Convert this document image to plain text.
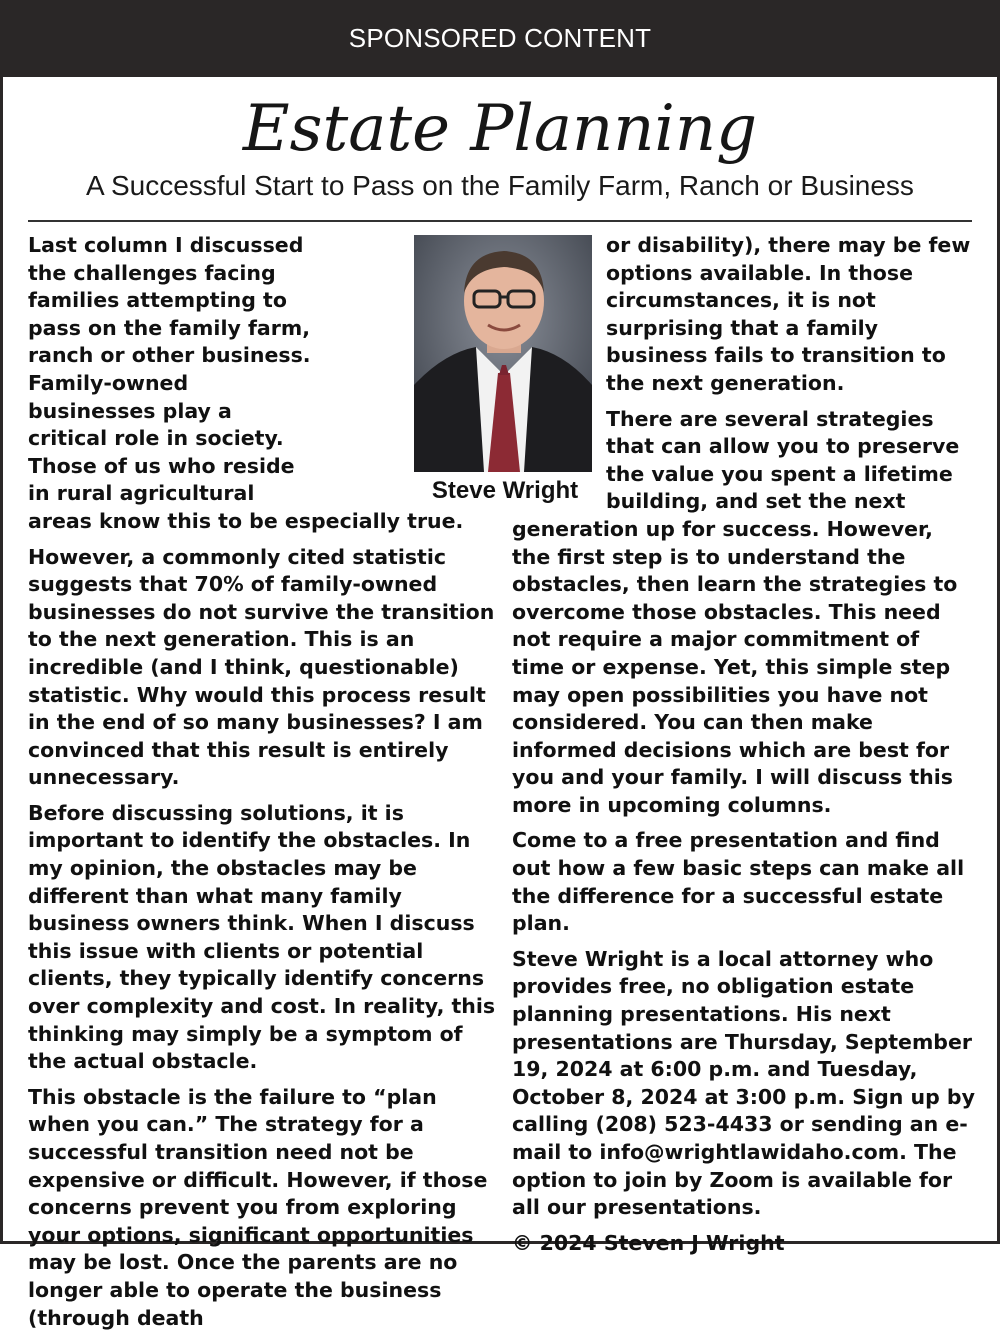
SPONSORED CONTENT
Estate Planning
A Successful Start to Pass on the Family Farm, Ranch or Business

Last column I discussed the challenges facing families attempting to pass on the family farm, ranch or other business. Family-owned businesses play a critical role in society. Those of us who reside in rural agricultural areas know this to be especially true.

However, a commonly cited statistic suggests that 70% of family-owned businesses do not survive the transition to the next generation. This is an incredible (and I think, questionable) statistic. Why would this process result in the end of so many businesses? I am convinced that this result is entirely unnecessary.

Before discussing solutions, it is important to identify the obstacles. In my opinion, the obstacles may be different than what many family business owners think. When I discuss this issue with clients or potential clients, they typically identify concerns over complexity and cost. In reality, this thinking may simply be a symptom of the actual obstacle.

This obstacle is the failure to “plan when you can.” The strategy for a successful transition need not be expensive or difficult. However, if those concerns prevent you from exploring your options, significant opportunities may be lost. Once the parents are no longer able to operate the business (through death

or disability), there may be few options available. In those circumstances, it is not surprising that a family business fails to transition to the next generation.

There are several strategies that can allow you to preserve the value you spent a lifetime building, and set the next generation up for success. However, the first step is to understand the obstacles, then learn the strategies to overcome those obstacles. This need not require a major commitment of time or expense. Yet, this simple step may open possibilities you have not considered. You can then make informed decisions which are best for you and your family. I will discuss this more in upcoming columns.

Come to a free presentation and find out how a few basic steps can make all the difference for a successful estate plan.

Steve Wright is a local attorney who provides free, no obligation estate planning presentations. His next presentations are Thursday, September 19, 2024 at 6:00 p.m. and Tuesday, October 8, 2024 at 3:00 p.m. Sign up by calling (208) 523-4433 or sending an e-mail to info@wrightlawidaho.com. The option to join by Zoom is available for all our presentations.

© 2024 Steven J Wright

Steve Wright
